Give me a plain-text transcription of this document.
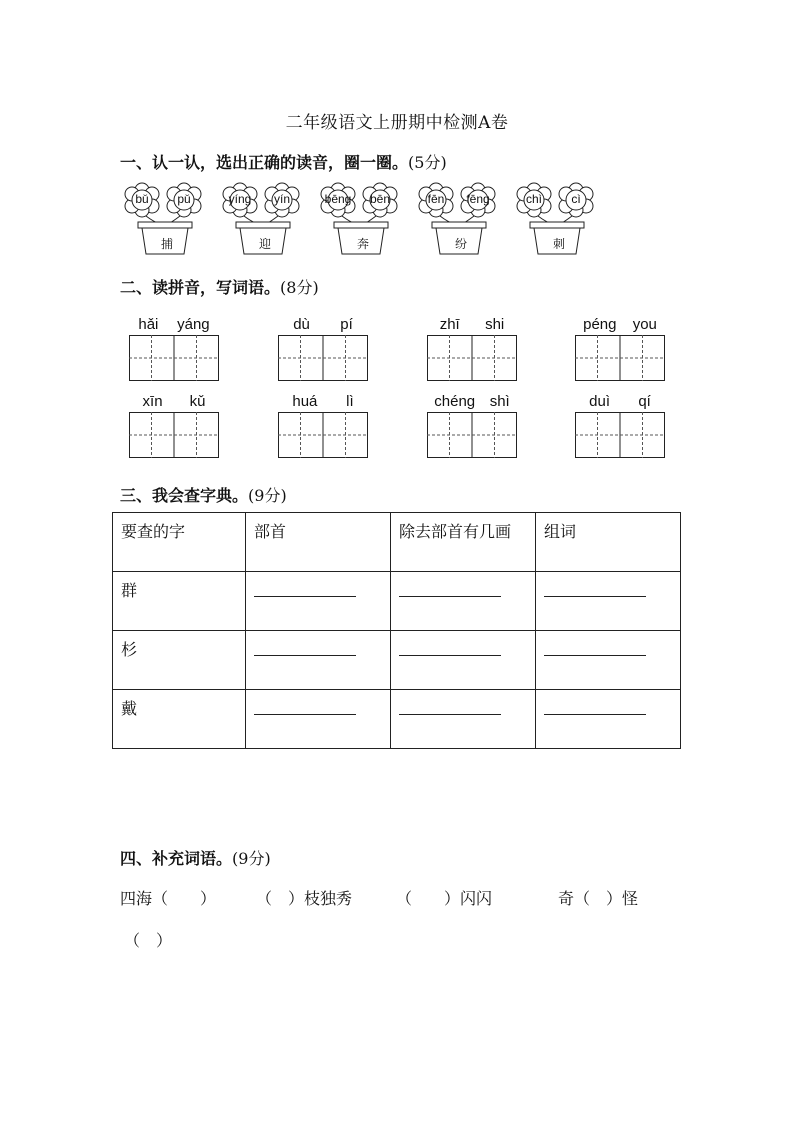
二年级语文上册期中检测A卷
一、认一认，选出正确的读音，圈一圈。(5分)
bǔ	pǔ
捕
yíng	yín
迎
bēng	bēn
奔
fēn	fēng
纷
chì	cì
刺
二、读拼音，写词语。(8分)
hǎi yáng	dù pí	zhī shi	péng you
xīn kǔ	huá lì	chéng shì	duì qí
三、我会查字典。(9分)
要查的字	部首	除去部首有几画	组词
群			
杉			
戴			
四、补充词语。(9分)
四海（　　） （　）枝独秀	（　　）闪闪	奇（　）怪
（　）
